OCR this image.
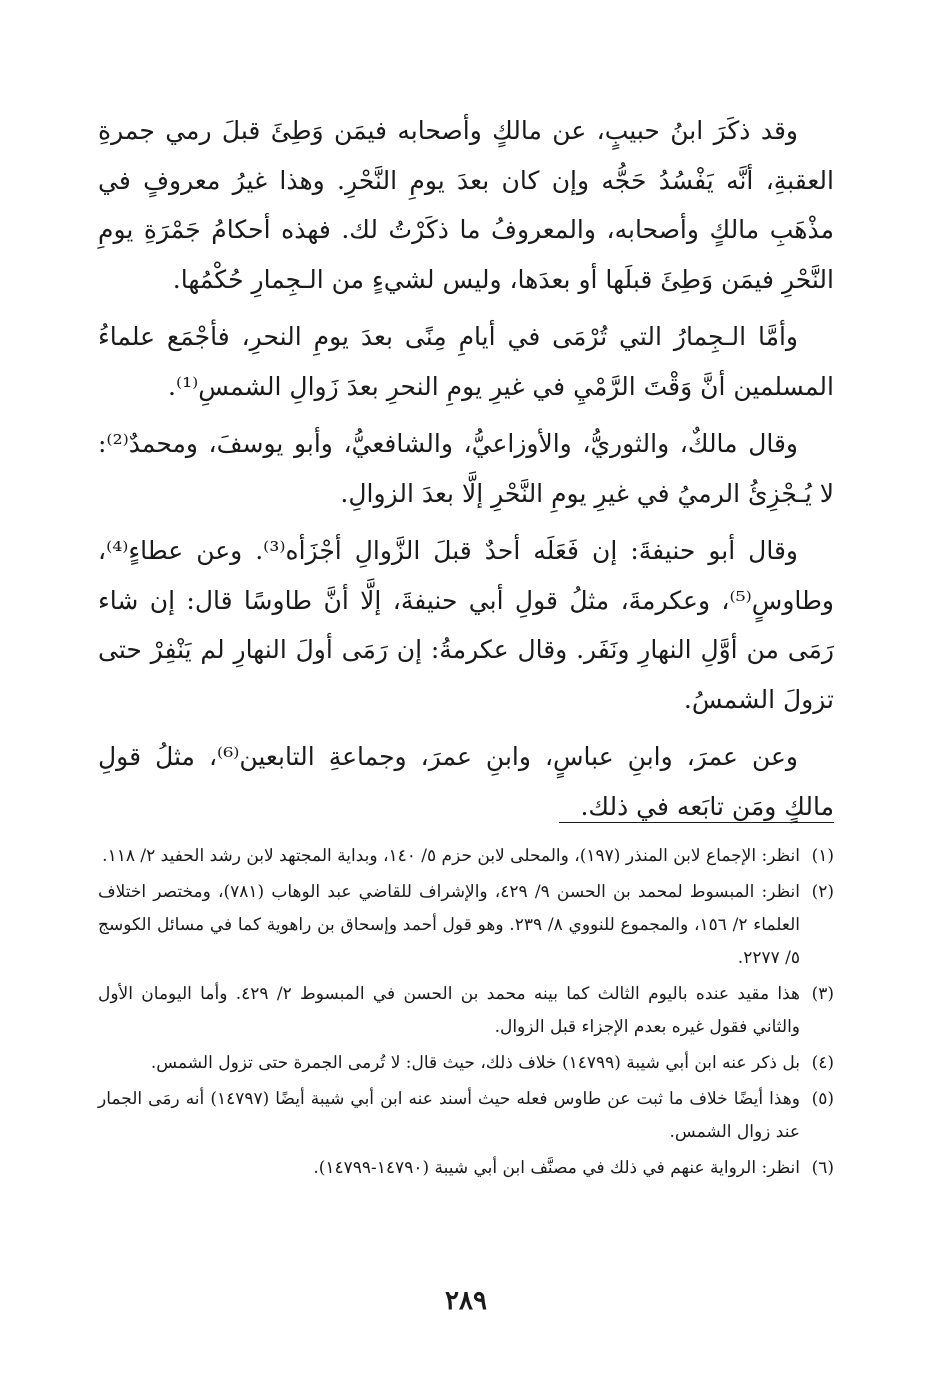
وقد ذكَرَ ابنُ حبيبٍ، عن مالكٍ وأصحابه فيمَن وَطِئَ قبلَ رمي جمرةِ العقبةِ، أنَّه يَفْسُدُ حَجُّه وإن كان بعدَ يومِ النَّحْرِ. وهذا غيرُ معروفٍ في مذْهَبِ مالكٍ وأصحابه، والمعروفُ ما ذكَرْتُ لك. فهذه أحكامُ جَمْرَةِ يومِ النَّحْرِ فيمَن وَطِئَ قبلَها أو بعدَها، وليس لشيءٍ من الـجِمارِ حُكْمُها.

وأمَّا الـجِمارُ التي تُرْمَى في أيامِ مِنًى بعدَ يومِ النحرِ، فأجْمَع علماءُ المسلمين أنَّ وَقْتَ الرَّمْيِ في غيرِ يومِ النحرِ بعدَ زَوالِ الشمسِ⁽¹⁾.

وقال مالكٌ، والثوريُّ، والأوزاعيُّ، والشافعيُّ، وأبو يوسفَ، ومحمدٌ⁽²⁾: لا يُـجْزِئُ الرميُ في غيرِ يومِ النَّحْرِ إلَّا بعدَ الزوالِ.

وقال أبو حنيفةَ: إن فَعَلَه أحدٌ قبلَ الزَّوالِ أجْزَأه⁽³⁾. وعن عطاءٍ⁽⁴⁾، وطاوسٍ⁽⁵⁾، وعكرمةَ، مثلُ قولِ أبي حنيفةَ، إلَّا أنَّ طاوسًا قال: إن شاء رَمَى من أوَّلِ النهارِ ونَفَر. وقال عكرمةُ: إن رَمَى أولَ النهارِ لم يَنْفِرْ حتى تزولَ الشمسُ.

وعن عمرَ، وابنِ عباسٍ، وابنِ عمرَ، وجماعةِ التابعين⁽⁶⁾، مثلُ قولِ مالكٍ ومَن تابَعه في ذلك.

(١)انظر: الإجماع لابن المنذر (١٩٧)، والمحلى لابن حزم ٥/ ١٤٠، وبداية المجتهد لابن رشد الحفيد ٢/ ١١٨.

(٢)انظر: المبسوط لمحمد بن الحسن ٩/ ٤٢٩، والإشراف للقاضي عبد الوهاب (٧٨١)، ومختصر اختلاف العلماء ٢/ ١٥٦، والمجموع للنووي ٨/ ٢٣٩. وهو قول أحمد وإسحاق بن راهوية كما في مسائل الكوسج ٥/ ٢٢٧٧.

(٣)هذا مقيد عنده باليوم الثالث كما بينه محمد بن الحسن في المبسوط ٢/ ٤٢٩. وأما اليومان الأول والثاني فقول غيره بعدم الإجزاء قبل الزوال.

(٤)بل ذكر عنه ابن أبي شيبة (١٤٧٩٩) خلاف ذلك، حيث قال: لا تُرمى الجمرة حتى تزول الشمس.

(٥)وهذا أيضًا خلاف ما ثبت عن طاوس فعله حيث أسند عنه ابن أبي شيبة أيضًا (١٤٧٩٧) أنه رمَى الجمار عند زوال الشمس.

(٦)انظر: الرواية عنهم في ذلك في مصنَّف ابن أبي شيبة (١٤٧٩٠-١٤٧٩٩).

٢٨٩
